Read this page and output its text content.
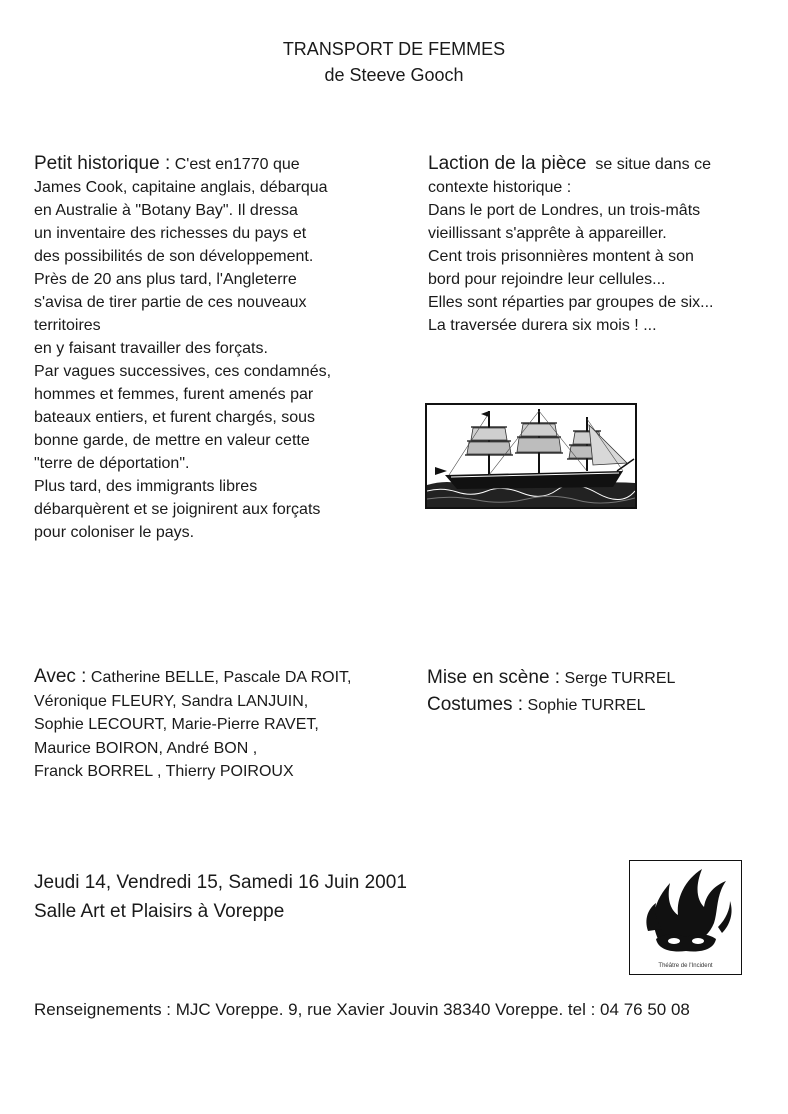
TRANSPORT DE FEMMES
de Steeve Gooch
Petit historique : C'est en1770 que
James Cook, capitaine anglais, débarqua
en Australie à "Botany Bay". Il dressa
un inventaire des richesses du pays et
des possibilités de son développement.
Près de 20 ans plus tard, l'Angleterre
s'avisa de tirer partie de ces nouveaux
territoires
en y faisant travailler des forçats.
Par vagues successives, ces condamnés,
hommes et femmes, furent amenés par
bateaux entiers, et furent chargés, sous
bonne garde, de mettre en valeur cette
"terre de déportation".
Plus tard, des immigrants libres
débarquèrent et se joignirent aux forçats
pour coloniser le pays.
Laction de la pièce se situe dans ce
contexte historique :
Dans le port de Londres, un trois-mâts
vieillissant s'apprête à appareiller.
Cent trois prisonnières montent à son
bord pour rejoindre leur cellules...
Elles sont réparties par groupes de six...
La traversée durera six mois ! ...
Avec : Catherine BELLE, Pascale DA ROIT,
Véronique FLEURY, Sandra LANJUIN,
Sophie LECOURT, Marie-Pierre RAVET,
Maurice BOIRON, André BON ,
Franck BORREL , Thierry POIROUX
Mise en scène : Serge TURREL
Costumes : Sophie TURREL
Jeudi 14, Vendredi 15, Samedi 16 Juin 2001
Salle Art et Plaisirs à Voreppe
Théâtre de l'Incident
Renseignements : MJC Voreppe. 9, rue Xavier Jouvin 38340 Voreppe. tel : 04 76 50 08
